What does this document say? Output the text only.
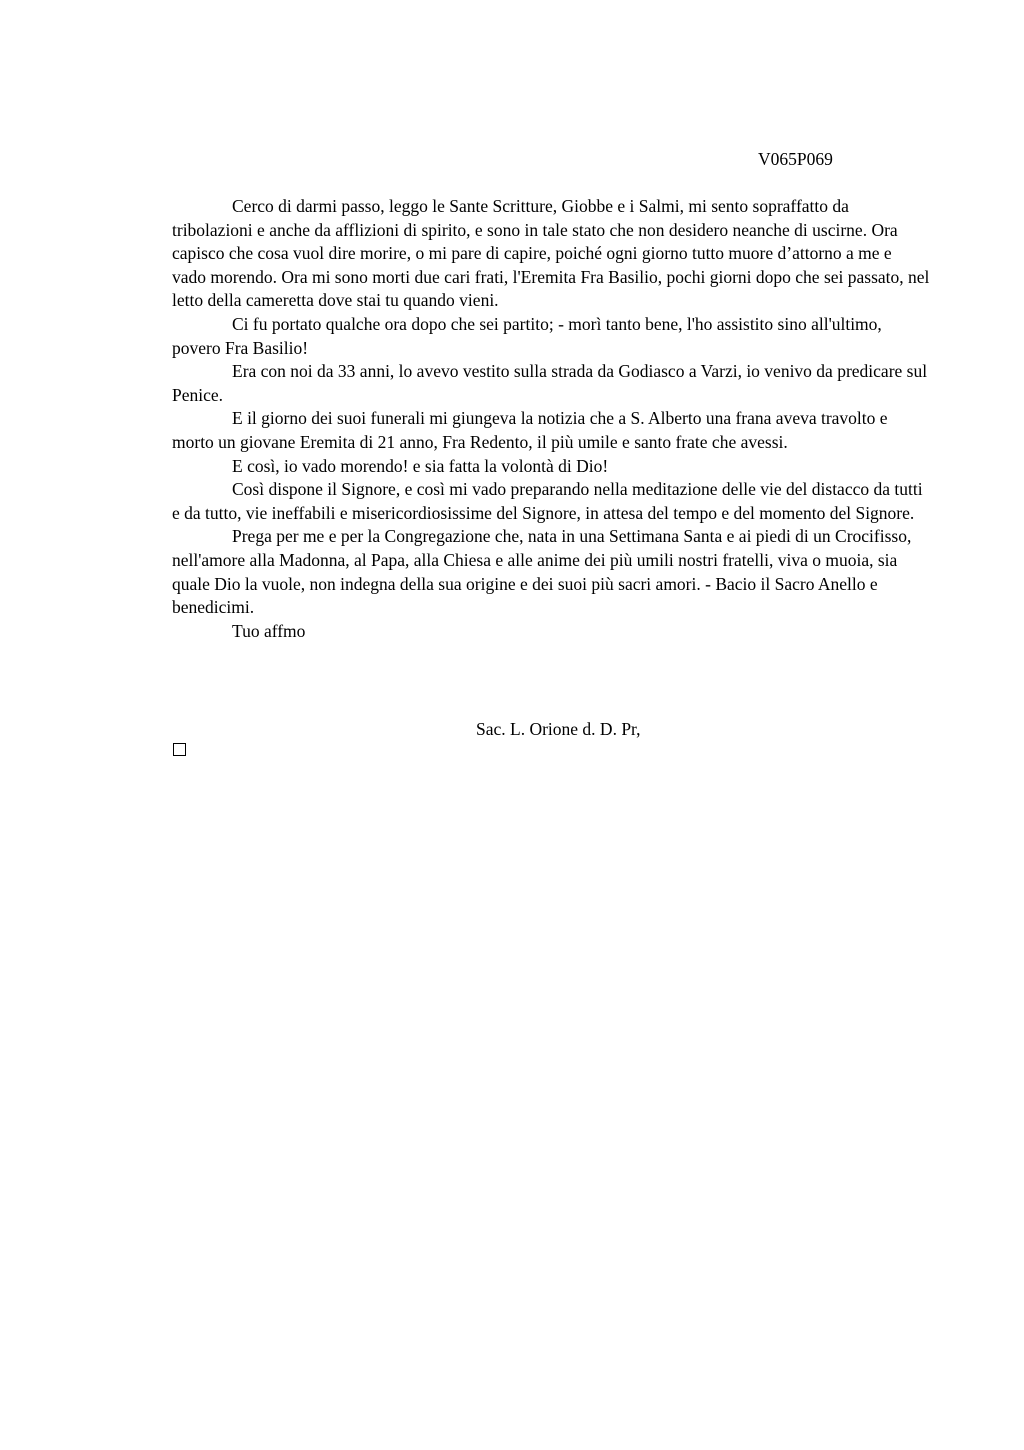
V065P069

Cerco di darmi passo, leggo le Sante Scritture, Giobbe e i Salmi, mi sento sopraffatto da tribolazioni e anche da afflizioni di spirito, e sono in tale stato che non desidero neanche di uscirne. Ora capisco che cosa vuol dire morire, o mi pare di capire, poiché ogni giorno tutto muore d’attorno a me e vado morendo. Ora mi sono morti due cari frati, l'Eremita Fra Basilio, pochi giorni dopo che sei passato, nel letto della cameretta dove stai tu quando vieni.

Ci fu portato qualche ora dopo che sei partito; - morì tanto bene, l'ho assistito sino all'ultimo, povero Fra Basilio!

Era con noi da 33 anni, lo avevo vestito sulla strada da Godiasco a Varzi, io venivo da predicare sul Penice.

E il giorno dei suoi funerali mi giungeva la notizia che a S. Alberto una frana aveva travolto e morto un giovane Eremita di 21 anno, Fra Redento, il più umile e santo frate che avessi.

E così, io vado morendo! e sia fatta la volontà di Dio!

Così dispone il Signore, e così mi vado preparando nella meditazione delle vie del distacco da tutti e da tutto, vie ineffabili e misericordiosissime del Signore, in attesa del tempo e del momento del Signore.

Prega per me e per la Congregazione che, nata in una Settimana Santa e ai piedi di un Crocifisso, nell'amore alla Madonna, al Papa, alla Chiesa e alle anime dei più umili nostri fratelli, viva o muoia, sia quale Dio la vuole, non indegna della sua origine e dei suoi più sacri amori. - Bacio il Sacro Anello e benedicimi.

Tuo affmo

Sac. L. Orione d. D. Pr,
